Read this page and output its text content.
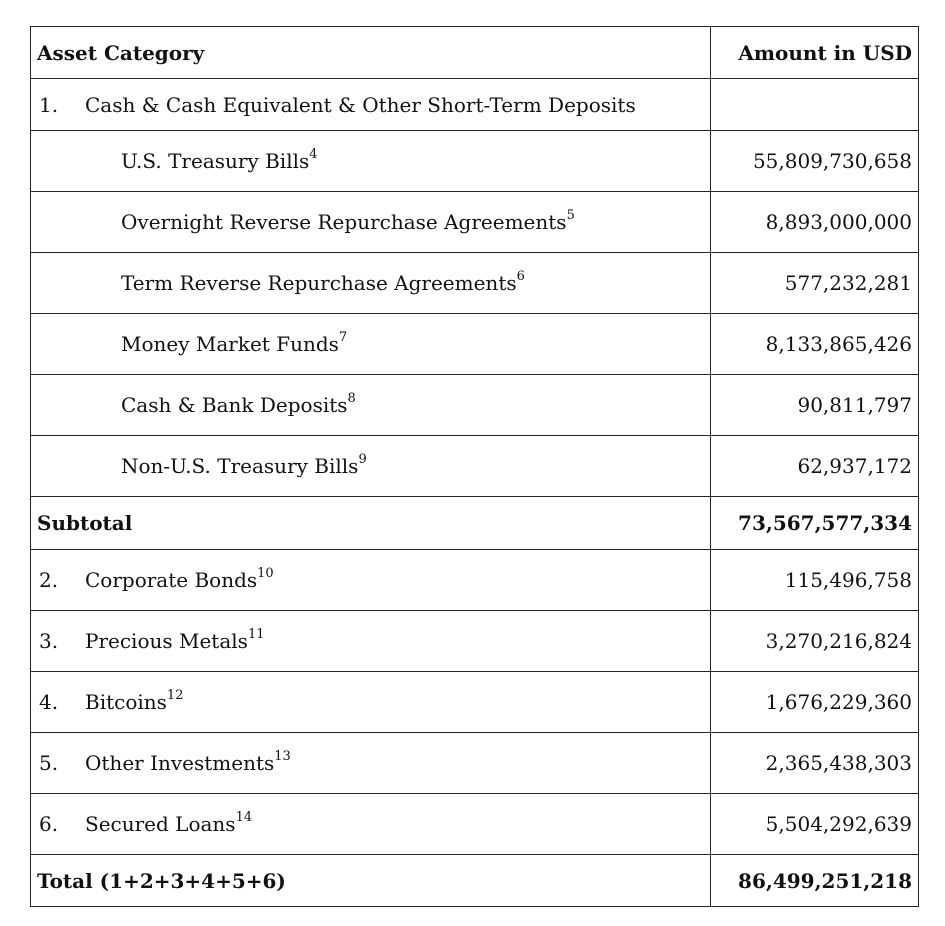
Asset Category	Amount in USD
1. Cash & Cash Equivalent & Other Short-Term Deposits	
U.S. Treasury Bills$^4$	55,809,730,658
Overnight Reverse Repurchase Agreements$^5$	8,893,000,000
Term Reverse Repurchase Agreements$^6$	577,232,281
Money Market Funds$^7$	8,133,865,426
Cash & Bank Deposits$^8$	90,811,797
Non-U.S. Treasury Bills$^9$	62,937,172
Subtotal	73,567,577,334
2. Corporate Bonds$^{10}$	115,496,758
3. Precious Metals$^{11}$	3,270,216,824
4. Bitcoins$^{12}$	1,676,229,360
5. Other Investments$^{13}$	2,365,438,303
6. Secured Loans$^{14}$	5,504,292,639
Total (1+2+3+4+5+6)	86,499,251,218
